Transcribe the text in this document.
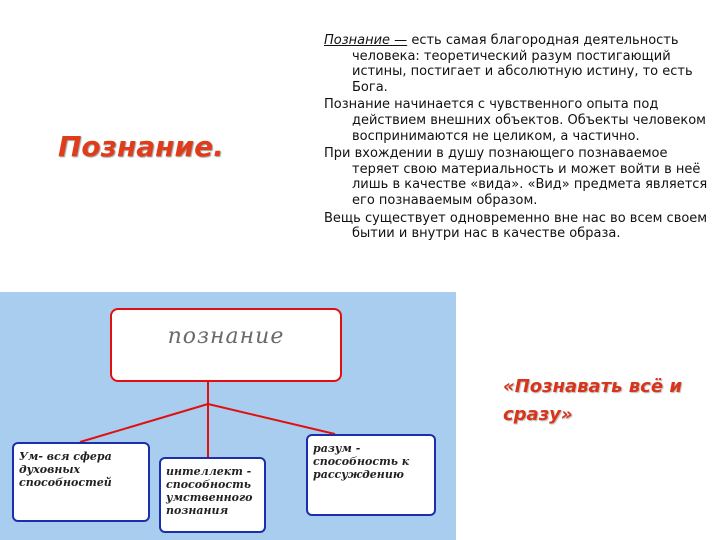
Познание.

Познание — есть самая благородная деятельность человека: теоретический разум постигающий истины, постигает и абсолютную истину, то есть Бога.

Познание начинается с чувственного опыта под действием внешних объектов. Объекты человеком воспринимаются не целиком, а частично.

При вхождении в душу познающего познаваемое теряет свою материальность и может войти в неё лишь в качестве «вида». «Вид» предмета является его познаваемым образом.

Вещь существует одновременно вне нас во всем своем бытии и внутри нас в качестве образа.

познание
Ум- вся сфера духовных способностей
интеллект - способность умственного познания
разум - способность к рассуждению
«Познавать всё и сразу»
